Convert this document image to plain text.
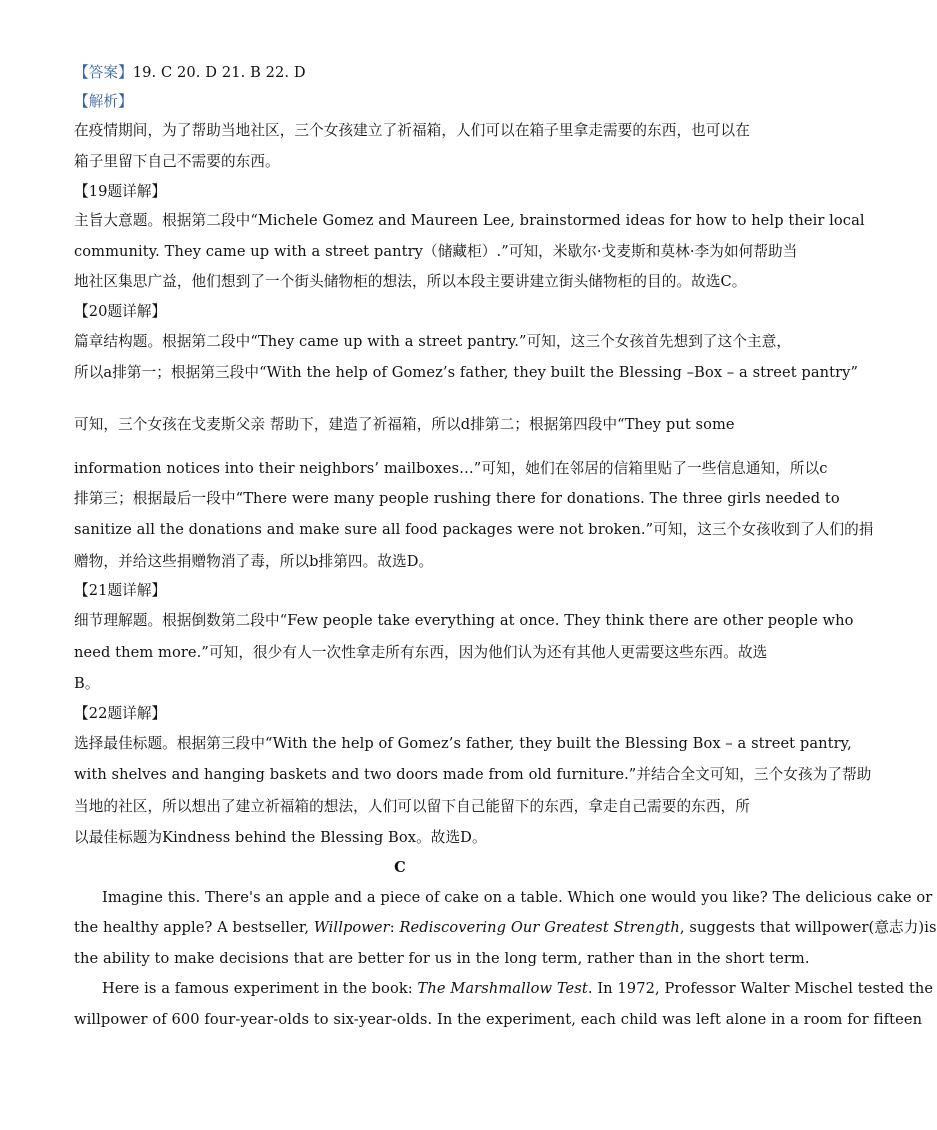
【答案】19. C 20. D 21. B 22. D
【解析】
在疫情期间，为了帮助当地社区，三个女孩建立了祈福箱，人们可以在箱子里拿走需要的东西，也可以在
箱子里留下自己不需要的东西。
【19题详解】
主旨大意题。根据第二段中“Michele Gomez and Maureen Lee, brainstormed ideas for how to help their local
community. They came up with a street pantry（储藏柜）.”可知，米歇尔·戈麦斯和莫林·李为如何帮助当
地社区集思广益，他们想到了一个街头储物柜的想法，所以本段主要讲建立街头储物柜的目的。故选C。
【20题详解】
篇章结构题。根据第二段中“They came up with a street pantry.”可知，这三个女孩首先想到了这个主意，
所以a排第一；根据第三段中“With the help of Gomez’s father, they built the Blessing –Box – a street pantry”
可知，三个女孩在戈麦斯父亲 帮助下，建造了祈福箱，所以d排第二；根据第四段中“They put some
information notices into their neighbors’ mailboxes…”可知，她们在邻居的信箱里贴了一些信息通知，所以c
排第三；根据最后一段中“There were many people rushing there for donations. The three girls needed to
sanitize all the donations and make sure all food packages were not broken.”可知，这三个女孩收到了人们的捐
赠物，并给这些捐赠物消了毒，所以b排第四。故选D。
【21题详解】
细节理解题。根据倒数第二段中“Few people take everything at once. They think there are other people who
need them more.”可知，很少有人一次性拿走所有东西，因为他们认为还有其他人更需要这些东西。故选
B。
【22题详解】
选择最佳标题。根据第三段中“With the help of Gomez’s father, they built the Blessing Box – a street pantry,
with shelves and hanging baskets and two doors made from old furniture.”并结合全文可知，三个女孩为了帮助
当地的社区，所以想出了建立祈福箱的想法，人们可以留下自己能留下的东西，拿走自己需要的东西，所
以最佳标题为Kindness behind the Blessing Box。故选D。
C
Imagine this. There's an apple and a piece of cake on a table. Which one would you like? The delicious cake or
the healthy apple? A bestseller, Willpower: Rediscovering Our Greatest Strength, suggests that willpower(意志力)is
the ability to make decisions that are better for us in the long term, rather than in the short term.
Here is a famous experiment in the book: The Marshmallow Test. In 1972, Professor Walter Mischel tested the
willpower of 600 four-year-olds to six-year-olds. In the experiment, each child was left alone in a room for fifteen
